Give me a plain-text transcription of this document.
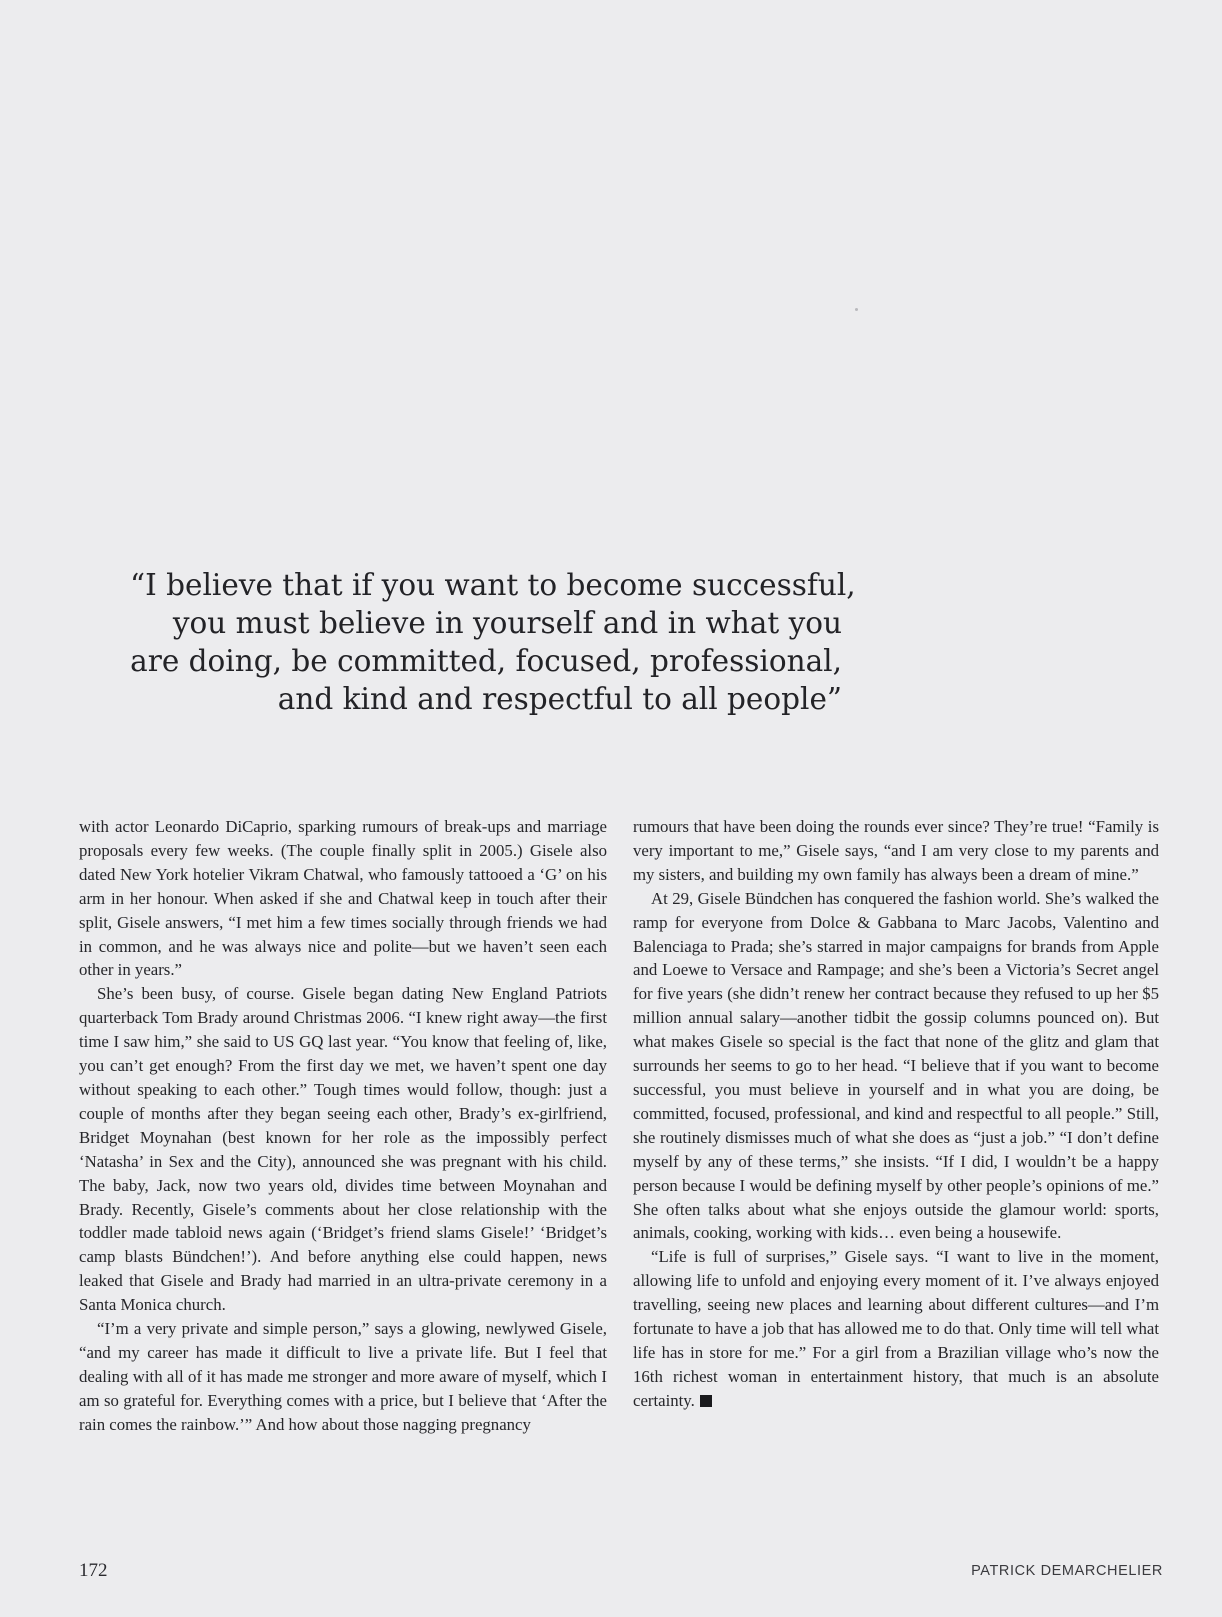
“I believe that if you want to become successful,
you must believe in yourself and in what you
are doing, be committed, focused, professional,
and kind and respectful to all people”

with actor Leonardo DiCaprio, sparking rumours of break-ups and marriage proposals every few weeks. (The couple finally split in 2005.) Gisele also dated New York hotelier Vikram Chatwal, who famously tattooed a ‘G’ on his arm in her honour. When asked if she and Chatwal keep in touch after their split, Gisele answers, “I met him a few times socially through friends we had in common, and he was always nice and polite—but we haven’t seen each other in years.”

She’s been busy, of course. Gisele began dating New England Patriots quarterback Tom Brady around Christmas 2006. “I knew right away—the first time I saw him,” she said to US GQ last year. “You know that feeling of, like, you can’t get enough? From the first day we met, we haven’t spent one day without speaking to each other.” Tough times would follow, though: just a couple of months after they began seeing each other, Brady’s ex-girlfriend, Bridget Moynahan (best known for her role as the impossibly perfect ‘Natasha’ in Sex and the City), announced she was pregnant with his child. The baby, Jack, now two years old, divides time between Moynahan and Brady. Recently, Gisele’s comments about her close relationship with the toddler made tabloid news again (‘Bridget’s friend slams Gisele!’ ‘Bridget’s camp blasts Bündchen!’). And before anything else could happen, news leaked that Gisele and Brady had married in an ultra-private ceremony in a Santa Monica church.

“I’m a very private and simple person,” says a glowing, newlywed Gisele, “and my career has made it difficult to live a private life. But I feel that dealing with all of it has made me stronger and more aware of myself, which I am so grateful for. Everything comes with a price, but I believe that ‘After the rain comes the rainbow.’” And how about those nagging pregnancy

rumours that have been doing the rounds ever since? They’re true! “Family is very important to me,” Gisele says, “and I am very close to my parents and my sisters, and building my own family has always been a dream of mine.”

At 29, Gisele Bündchen has conquered the fashion world. She’s walked the ramp for everyone from Dolce & Gabbana to Marc Jacobs, Valentino and Balenciaga to Prada; she’s starred in major campaigns for brands from Apple and Loewe to Versace and Rampage; and she’s been a Victoria’s Secret angel for five years (she didn’t renew her contract because they refused to up her $5 million annual salary—another tidbit the gossip columns pounced on). But what makes Gisele so special is the fact that none of the glitz and glam that surrounds her seems to go to her head. “I believe that if you want to become successful, you must believe in yourself and in what you are doing, be committed, focused, professional, and kind and respectful to all people.” Still, she routinely dismisses much of what she does as “just a job.” “I don’t define myself by any of these terms,” she insists. “If I did, I wouldn’t be a happy person because I would be defining myself by other people’s opinions of me.” She often talks about what she enjoys outside the glamour world: sports, animals, cooking, working with kids… even being a housewife.

“Life is full of surprises,” Gisele says. “I want to live in the moment, allowing life to unfold and enjoying every moment of it. I’ve always enjoyed travelling, seeing new places and learning about different cultures—and I’m fortunate to have a job that has allowed me to do that. Only time will tell what life has in store for me.” For a girl from a Brazilian village who’s now the 16th richest woman in entertainment history, that much is an absolute certainty.

172	PATRICK DEMARCHELIER
